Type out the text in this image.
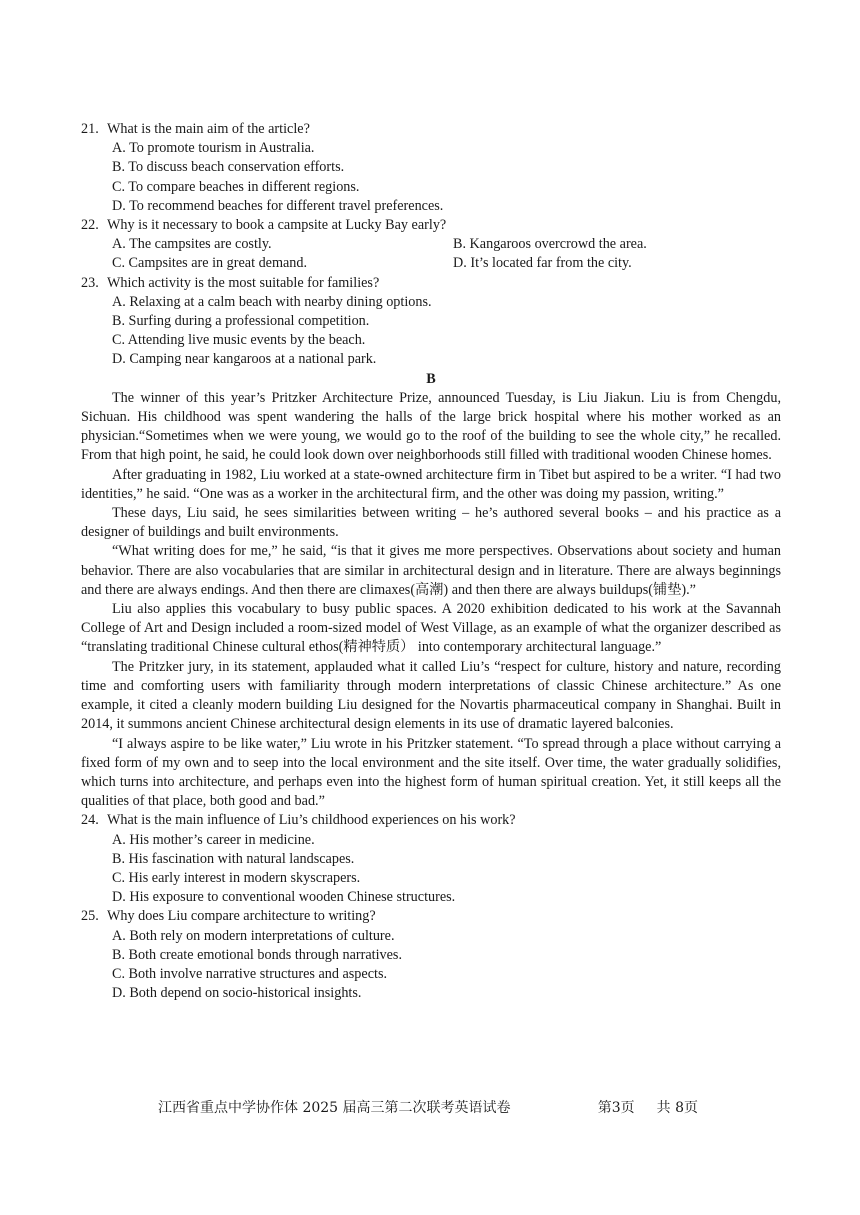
21. What is the main aim of the article?
A. To promote tourism in Australia.
B. To discuss beach conservation efforts.
C. To compare beaches in different regions.
D. To recommend beaches for different travel preferences.
22. Why is it necessary to book a campsite at Lucky Bay early?
A. The campsites are costly.	B. Kangaroos overcrowd the area.
C. Campsites are in great demand.	D. It’s located far from the city.
23. Which activity is the most suitable for families?
A. Relaxing at a calm beach with nearby dining options.
B. Surfing during a professional competition.
C. Attending live music events by the beach.
D. Camping near kangaroos at a national park.
B

The winner of this year’s Pritzker Architecture Prize, announced Tuesday, is Liu Jiakun. Liu is from Chengdu, Sichuan. His childhood was spent wandering the halls of the large brick hospital where his mother worked as an physician.“Sometimes when we were young, we would go to the roof of the building to see the whole city,” he recalled. From that high point, he said, he could look down over neighborhoods still filled with traditional wooden Chinese homes.

After graduating in 1982, Liu worked at a state-owned architecture firm in Tibet but aspired to be a writer. “I had two identities,” he said. “One was as a worker in the architectural firm, and the other was doing my passion, writing.”

These days, Liu said, he sees similarities between writing – he’s authored several books – and his practice as a designer of buildings and built environments.

“What writing does for me,” he said, “is that it gives me more perspectives. Observations about society and human behavior. There are also vocabularies that are similar in architectural design and in literature. There are always beginnings and there are always endings. And then there are climaxes(高潮) and then there are always buildups(铺垫).”

Liu also applies this vocabulary to busy public spaces. A 2020 exhibition dedicated to his work at the Savannah College of Art and Design included a room-sized model of West Village, as an example of what the organizer described as “translating traditional Chinese cultural ethos(精神特质） into contemporary architectural language.”

The Pritzker jury, in its statement, applauded what it called Liu’s “respect for culture, history and nature, recording time and comforting users with familiarity through modern interpretations of classic Chinese architecture.” As one example, it cited a cleanly modern building Liu designed for the Novartis pharmaceutical company in Shanghai. Built in 2014, it summons ancient Chinese architectural design elements in its use of dramatic layered balconies.

“I always aspire to be like water,” Liu wrote in his Pritzker statement. “To spread through a place without carrying a fixed form of my own and to seep into the local environment and the site itself. Over time, the water gradually solidifies, which turns into architecture, and perhaps even into the highest form of human spiritual creation. Yet, it still keeps all the qualities of that place, both good and bad.”

24. What is the main influence of Liu’s childhood experiences on his work?
A. His mother’s career in medicine.
B. His fascination with natural landscapes.
C. His early interest in modern skyscrapers.
D. His exposure to conventional wooden Chinese structures.
25. Why does Liu compare architecture to writing?
A. Both rely on modern interpretations of culture.
B. Both create emotional bonds through narratives.
C. Both involve narrative structures and aspects.
D. Both depend on socio-historical insights.
江西省重点中学协作体 2025 届高三第二次联考英语试卷	第3页 共 8页
